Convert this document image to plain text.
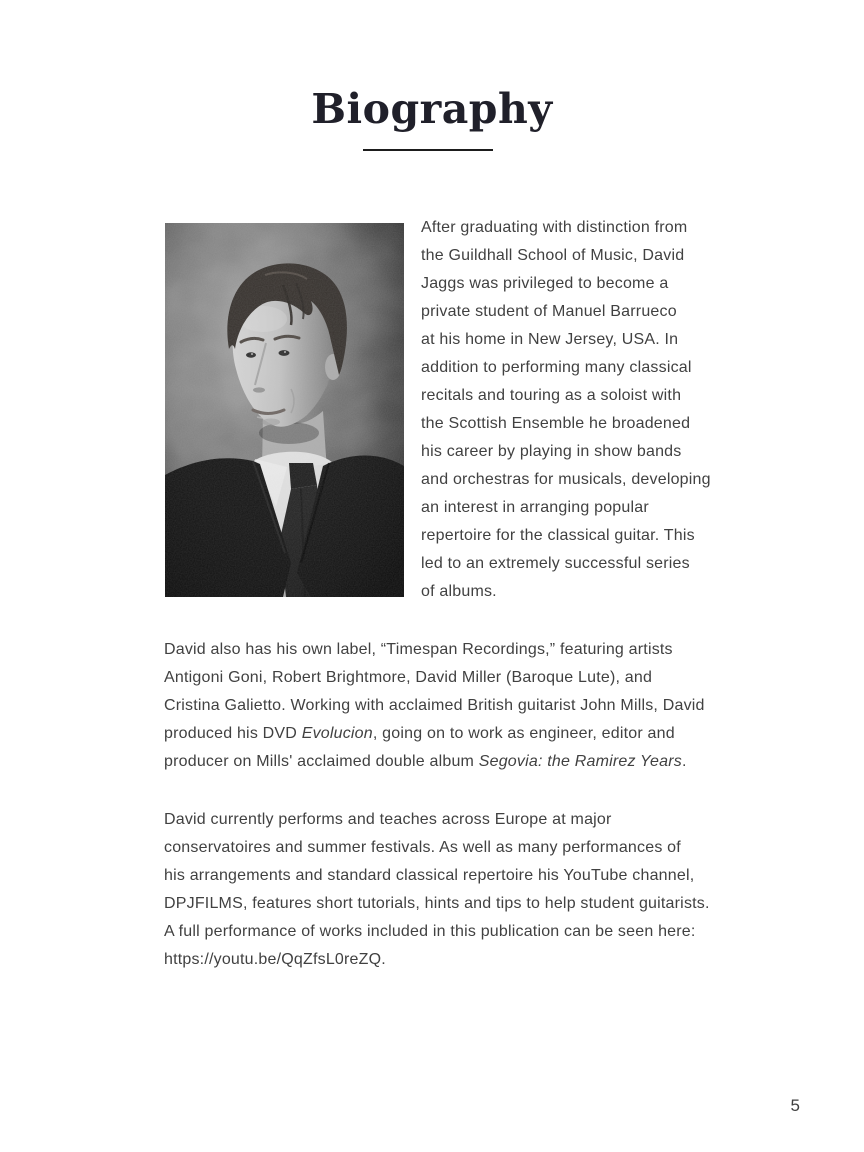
Biography
After graduating with distinction from
the Guildhall School of Music, David
Jaggs was privileged to become a
private student of Manuel Barrueco
at his home in New Jersey, USA. In
addition to performing many classical
recitals and touring as a soloist with
the Scottish Ensemble he broadened
his career by playing in show bands
and orchestras for musicals, developing
an interest in arranging popular
repertoire for the classical guitar. This
led to an extremely successful series
of albums.
David also has his own label, “Timespan Recordings,” featuring artists
Antigoni Goni, Robert Brightmore, David Miller (Baroque Lute), and
Cristina Galietto. Working with acclaimed British guitarist John Mills, David
produced his DVD Evolucion, going on to work as engineer, editor and
producer on Mills' acclaimed double album Segovia: the Ramirez Years.
David currently performs and teaches across Europe at major
conservatoires and summer festivals. As well as many performances of
his arrangements and standard classical repertoire his YouTube channel,
DPJFILMS, features short tutorials, hints and tips to help student guitarists.
A full performance of works included in this publication can be seen here:
https://youtu.be/QqZfsL0reZQ.
5
